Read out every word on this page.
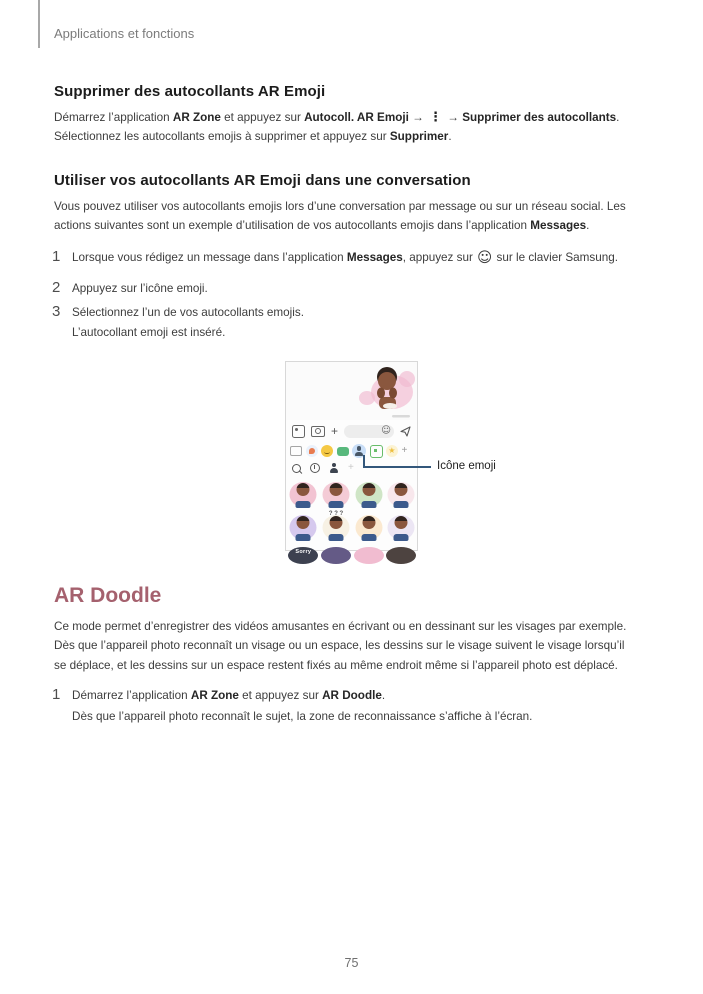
Applications et fonctions
Supprimer des autocollants AR Emoji
Démarrez l’application AR Zone et appuyez sur Autocoll. AR Emoji → ⋮ → Supprimer des autocollants.
Sélectionnez les autocollants emojis à supprimer et appuyez sur Supprimer.
Utiliser vos autocollants AR Emoji dans une conversation
Vous pouvez utiliser vos autocollants emojis lors d’une conversation par message ou sur un réseau social. Les
actions suivantes sont un exemple d’utilisation de vos autocollants emojis dans l’application Messages.
1 Lorsque vous rédigez un message dans l’application Messages, appuyez sur ☺ sur le clavier Samsung.
2 Appuyez sur l’icône emoji.
3 Sélectionnez l’un de vos autocollants emojis.
L’autocollant emoji est inséré.
+	☺
★
+
+
? ? ?
Sorry
Icône emoji
AR Doodle
Ce mode permet d’enregistrer des vidéos amusantes en écrivant ou en dessinant sur les visages par exemple.
Dès que l’appareil photo reconnaît un visage ou un espace, les dessins sur le visage suivent le visage lorsqu’il
se déplace, et les dessins sur un espace restent fixés au même endroit même si l’appareil photo est déplacé.
1 Démarrez l’application AR Zone et appuyez sur AR Doodle.
Dès que l’appareil photo reconnaît le sujet, la zone de reconnaissance s’affiche à l’écran.
75
